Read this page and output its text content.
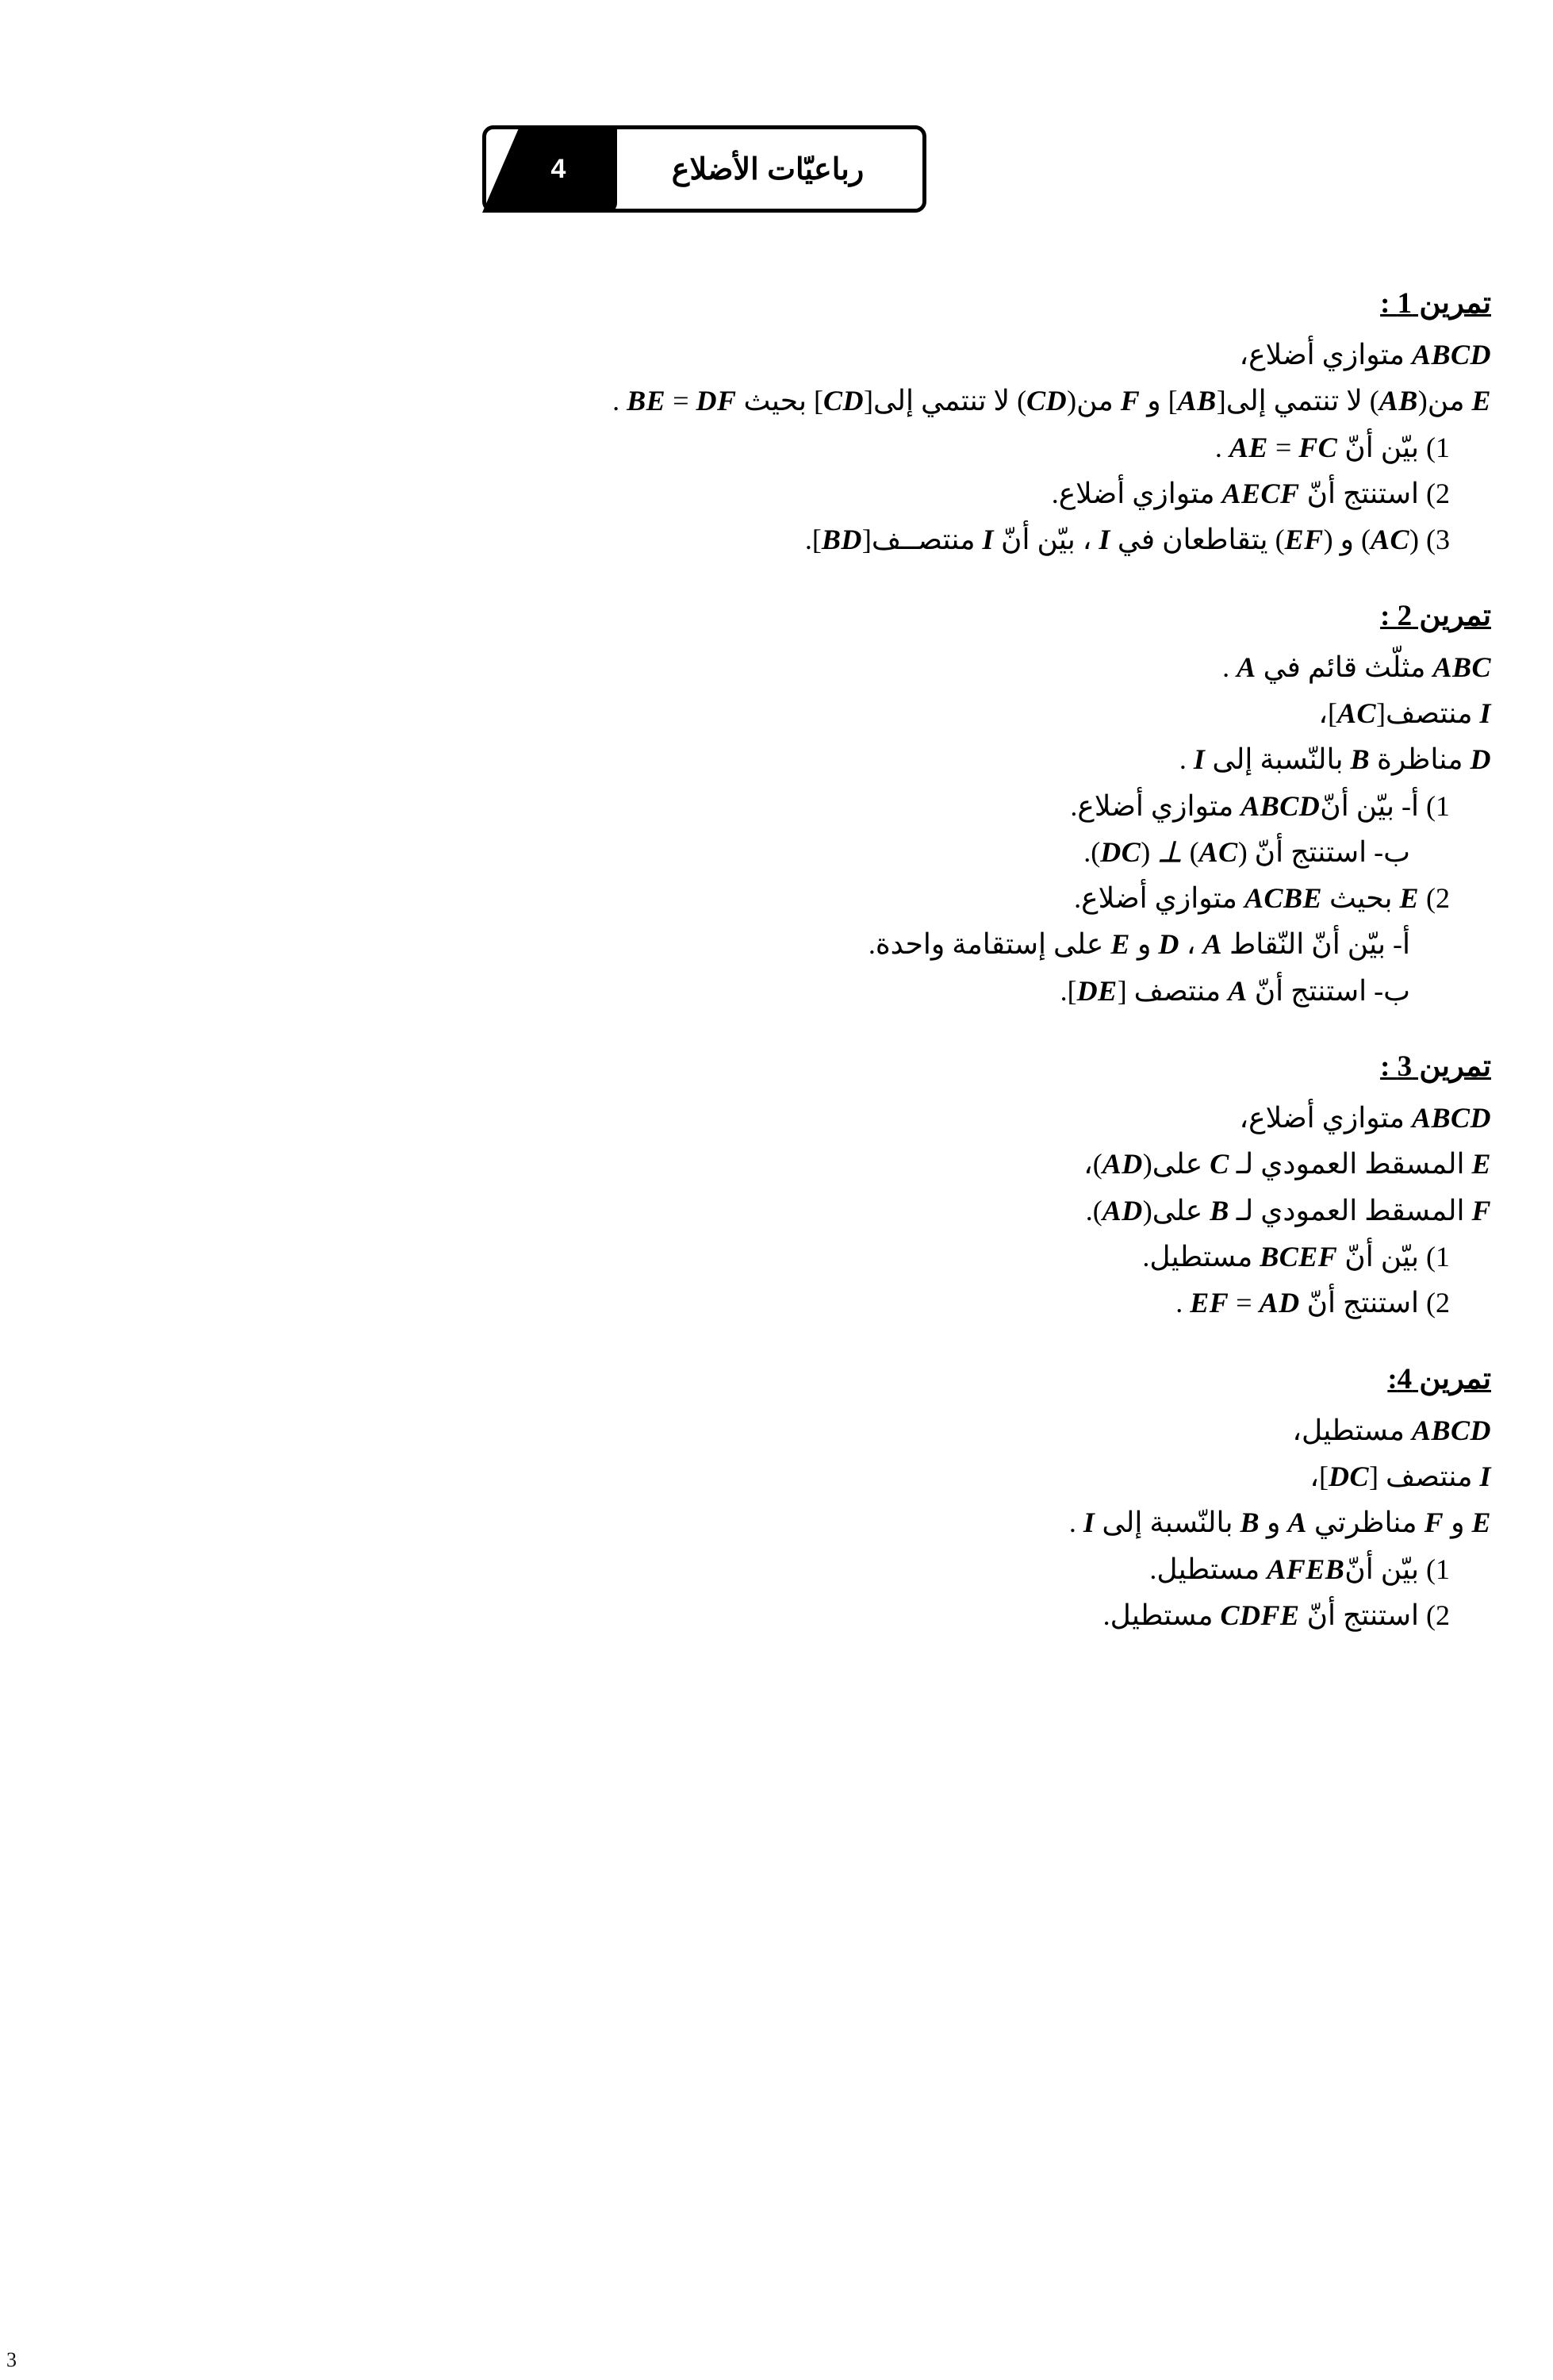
رباعيّات الأضلاع
4
تمرين 1 :
ABCD متوازي أضلاع،
E من(AB) لا تنتمي إلى[AB] و F من(CD) لا تنتمي إلى[CD] بحيث BE = DF .
1) بيّن أنّ AE = FC .
2) استنتج أنّ AECF متوازي أضلاع.
3) (AC) و (EF) يتقاطعان في I ، بيّن أنّ I منتصــف[BD].
تمرين 2 :
ABC مثلّث قائم في A .
I منتصف[AC]،
D مناظرة B بالنّسبة إلى I .
1) أ‌- بيّن أنّABCD متوازي أضلاع.
ب‌- استنتج أنّ (AC) ⊥ (DC).
2) E بحيث ACBE متوازي أضلاع.
أ‌- بيّن أنّ النّقاط D ، A و E على إستقامة واحدة.
ب‌- استنتج أنّ A منتصف [DE].
تمرين 3 :
ABCD متوازي أضلاع،
E المسقط العمودي لـ C على(AD)،
F المسقط العمودي لـ B على(AD).
1) بيّن أنّ BCEF مستطيل.
2) استنتج أنّ EF = AD .
تمرين 4:
ABCD مستطيل،
I منتصف [DC]،
E و F مناظرتي A و B بالنّسبة إلى I .
1) بيّن أنّAFEB مستطيل.
2) استنتج أنّ CDFE مستطيل.
3
